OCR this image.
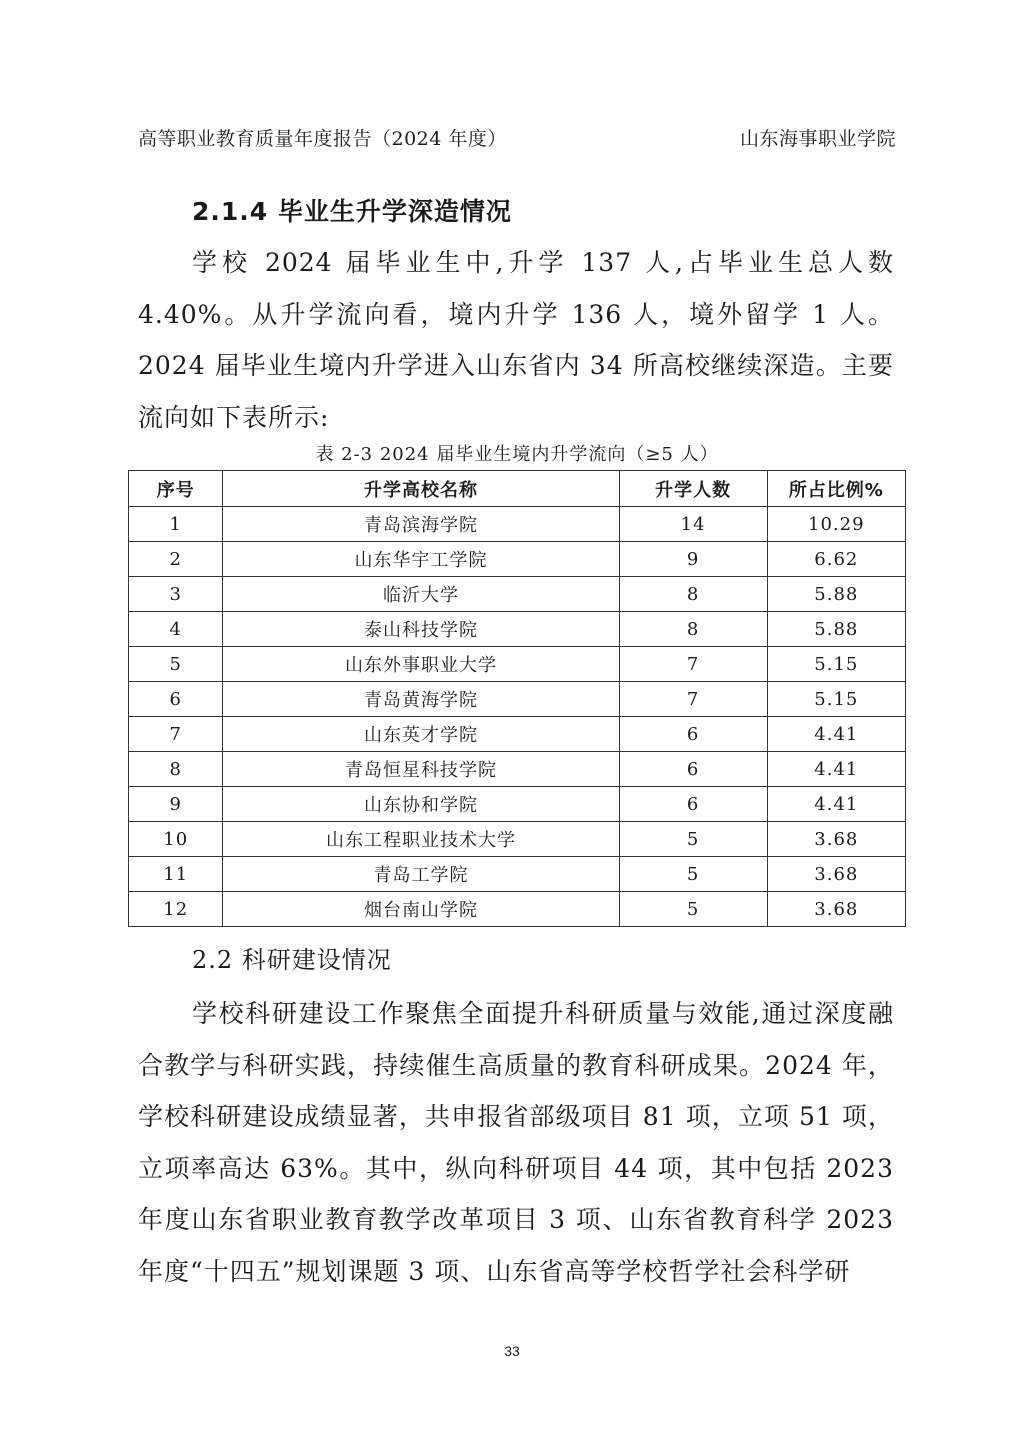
高等职业教育质量年度报告（2024 年度）	山东海事职业学院
2.1.4 毕业生升学深造情况

学校 2024 届毕业生中,升学 137 人,占毕业生总人数 4.40%。从升学流向看，境内升学 136 人，境外留学 1 人。2024 届毕业生境内升学进入山东省内 34 所高校继续深造。主要流向如下表所示:

表 2-3 2024 届毕业生境内升学流向（≥5 人）
序号	升学高校名称	升学人数	所占比例%
1	青岛滨海学院	14	10.29
2	山东华宇工学院	9	6.62
3	临沂大学	8	5.88
4	泰山科技学院	8	5.88
5	山东外事职业大学	7	5.15
6	青岛黄海学院	7	5.15
7	山东英才学院	6	4.41
8	青岛恒星科技学院	6	4.41
9	山东协和学院	6	4.41
10	山东工程职业技术大学	5	3.68
11	青岛工学院	5	3.68
12	烟台南山学院	5	3.68
2.2 科研建设情况

学校科研建设工作聚焦全面提升科研质量与效能,通过深度融合教学与科研实践，持续催生高质量的教育科研成果。2024 年，学校科研建设成绩显著，共申报省部级项目 81 项，立项 51 项，立项率高达 63%。其中，纵向科研项目 44 项，其中包括 2023 年度山东省职业教育教学改革项目 3 项、山东省教育科学 2023 年度“十四五”规划课题 3 项、山东省高等学校哲学社会科学研

33
